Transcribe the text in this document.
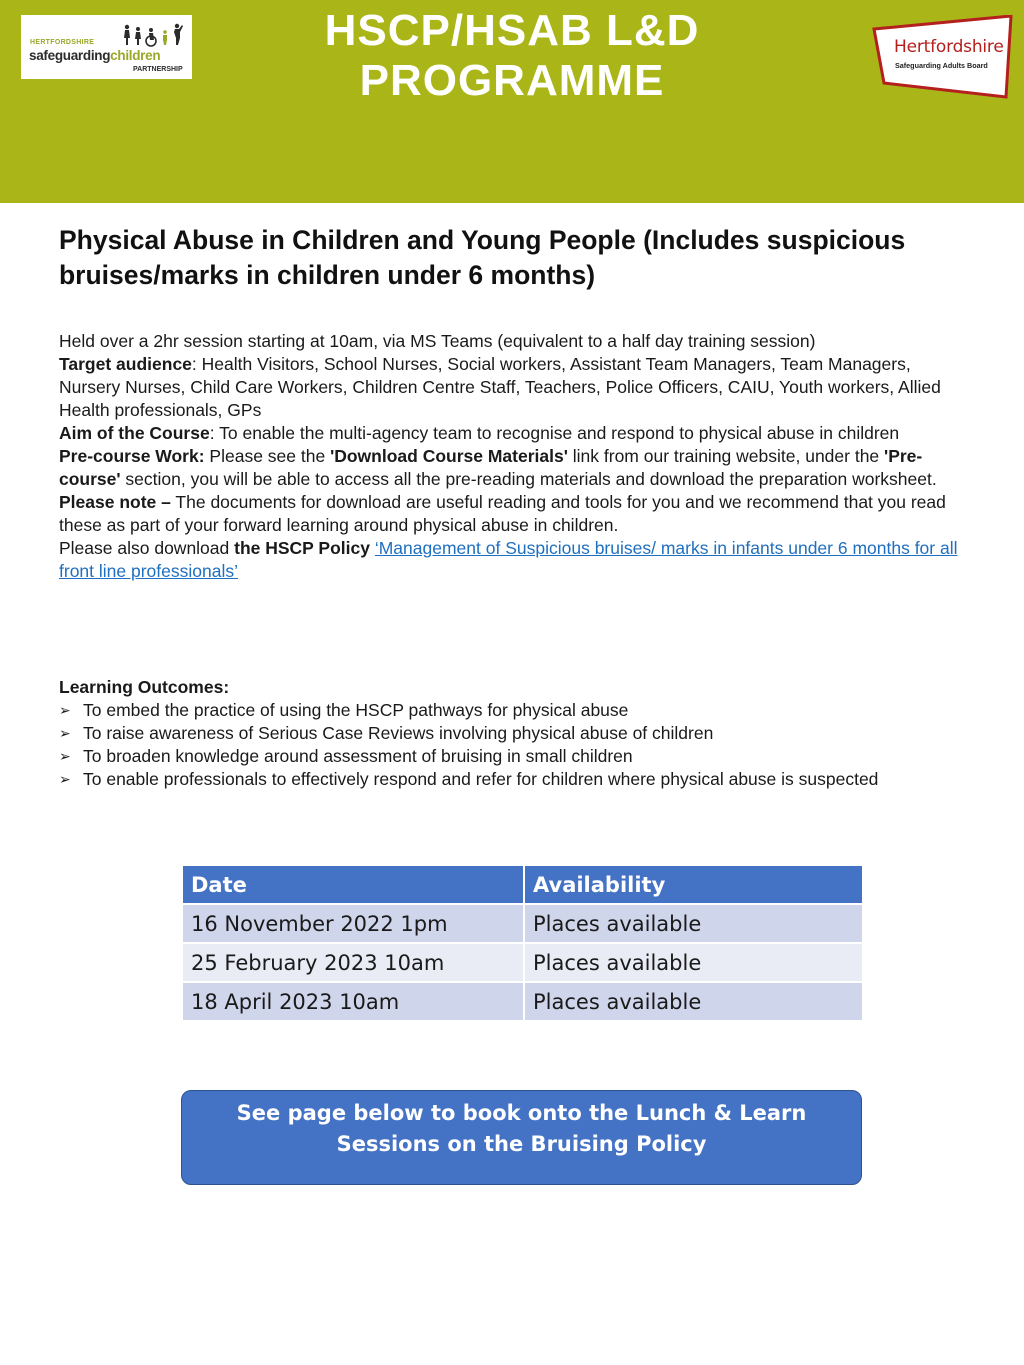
HERTFORDSHIRE
safeguardingchildren
PARTNERSHIP
HSCP/HSAB L&D
PROGRAMME
Hertfordshire
Safeguarding Adults Board
Physical Abuse in Children and Young People (Includes suspicious bruises/marks in children under 6 months)

Held over a 2hr session starting at 10am, via MS Teams (equivalent to a half day training session)

Target audience: Health Visitors, School Nurses, Social workers, Assistant Team Managers, Team Managers, Nursery Nurses, Child Care Workers, Children Centre Staff, Teachers, Police Officers, CAIU, Youth workers, Allied Health professionals, GPs

Aim of the Course: To enable the multi-agency team to recognise and respond to physical abuse in children

Pre-course Work: Please see the 'Download Course Materials' link from our training website, under the 'Pre-course' section, you will be able to access all the pre-reading materials and download the preparation worksheet.

Please note – The documents for download are useful reading and tools for you and we recommend that you read these as part of your forward learning around physical abuse in children.

Please also download the HSCP Policy ‘Management of Suspicious bruises/ marks in infants under 6 months for all front line professionals’

Learning Outcomes:

➢ To embed the practice of using the HSCP pathways for physical abuse
➢ To raise awareness of Serious Case Reviews involving physical abuse of children
➢ To broaden knowledge around assessment of bruising in small children
➢ To enable professionals to effectively respond and refer for children where physical abuse is suspected
Date	Availability
16 November 2022 1pm	Places available
25 February 2023 10am	Places available
18 April 2023 10am	Places available
See page below to book onto the Lunch & Learn
Sessions on the Bruising Policy
